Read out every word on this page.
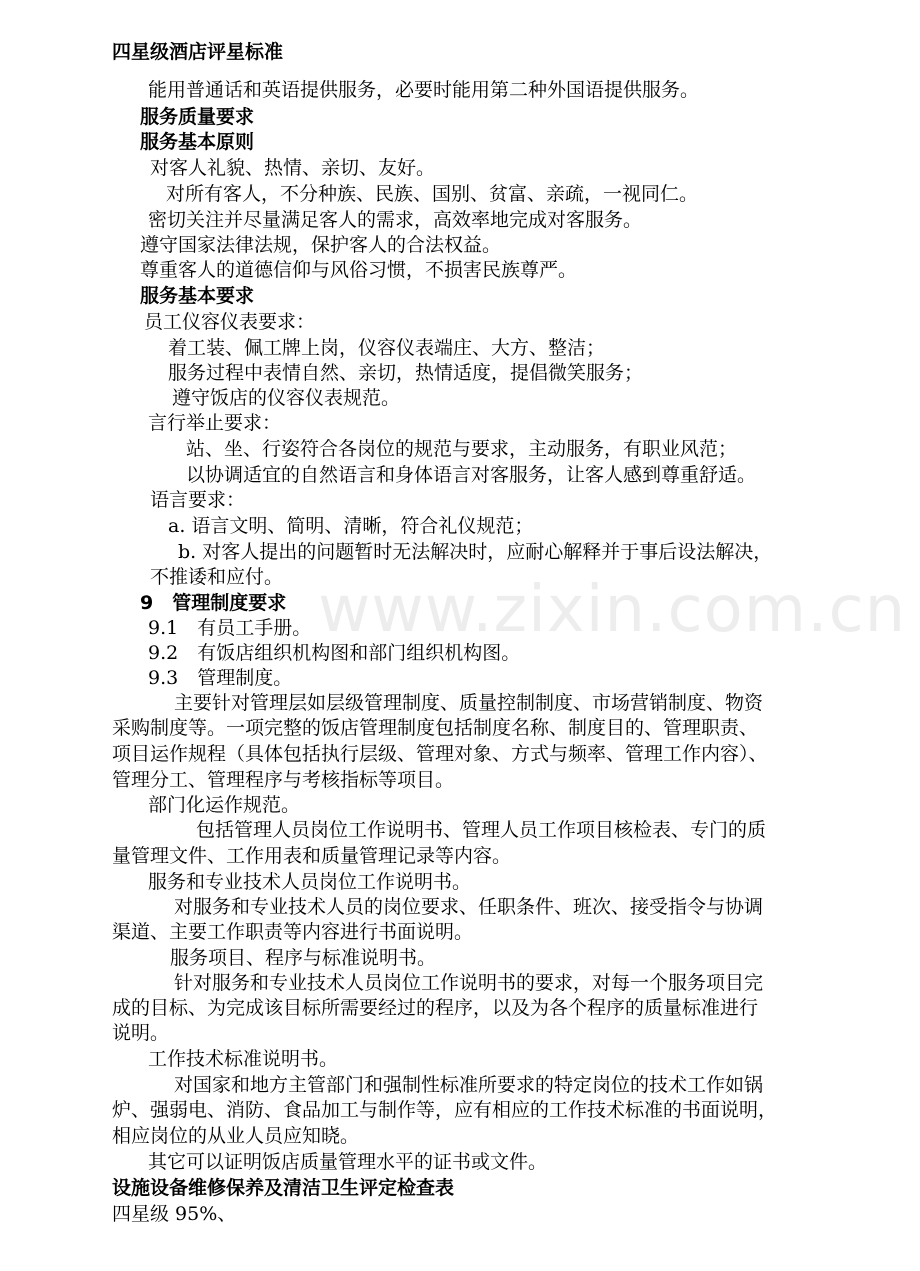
www.zixin.com.cn
四星级酒店评星标准
能用普通话和英语提供服务，必要时能用第二种外国语提供服务。
服务质量要求
服务基本原则
对客人礼貌、热情、亲切、友好。
对所有客人，不分种族、民族、国别、贫富、亲疏，一视同仁。
密切关注并尽量满足客人的需求，高效率地完成对客服务。
遵守国家法律法规，保护客人的合法权益。
尊重客人的道德信仰与风俗习惯，不损害民族尊严。
服务基本要求
员工仪容仪表要求：
着工装、佩工牌上岗，仪容仪表端庄、大方、整洁；
服务过程中表情自然、亲切，热情适度，提倡微笑服务；
遵守饭店的仪容仪表规范。
言行举止要求：
站、坐、行姿符合各岗位的规范与要求，主动服务，有职业风范；
以协调适宜的自然语言和身体语言对客服务，让客人感到尊重舒适。
语言要求：
a. 语言文明、简明、清晰，符合礼仪规范；
b. 对客人提出的问题暂时无法解决时，应耐心解释并于事后设法解决，
不推诿和应付。
9　管理制度要求
9.1　有员工手册。
9.2　有饭店组织机构图和部门组织机构图。
9.3　管理制度。
主要针对管理层如层级管理制度、质量控制制度、市场营销制度、物资
采购制度等。一项完整的饭店管理制度包括制度名称、制度目的、管理职责、
项目运作规程（具体包括执行层级、管理对象、方式与频率、管理工作内容）、
管理分工、管理程序与考核指标等项目。
部门化运作规范。
包括管理人员岗位工作说明书、管理人员工作项目核检表、专门的质
量管理文件、工作用表和质量管理记录等内容。
服务和专业技术人员岗位工作说明书。
对服务和专业技术人员的岗位要求、任职条件、班次、接受指令与协调
渠道、主要工作职责等内容进行书面说明。
服务项目、程序与标准说明书。
针对服务和专业技术人员岗位工作说明书的要求，对每一个服务项目完
成的目标、为完成该目标所需要经过的程序，以及为各个程序的质量标准进行
说明。
工作技术标准说明书。
对国家和地方主管部门和强制性标准所要求的特定岗位的技术工作如锅
炉、强弱电、消防、食品加工与制作等，应有相应的工作技术标准的书面说明，
相应岗位的从业人员应知晓。
其它可以证明饭店质量管理水平的证书或文件。
设施设备维修保养及清洁卫生评定检查表
四星级 95%、
